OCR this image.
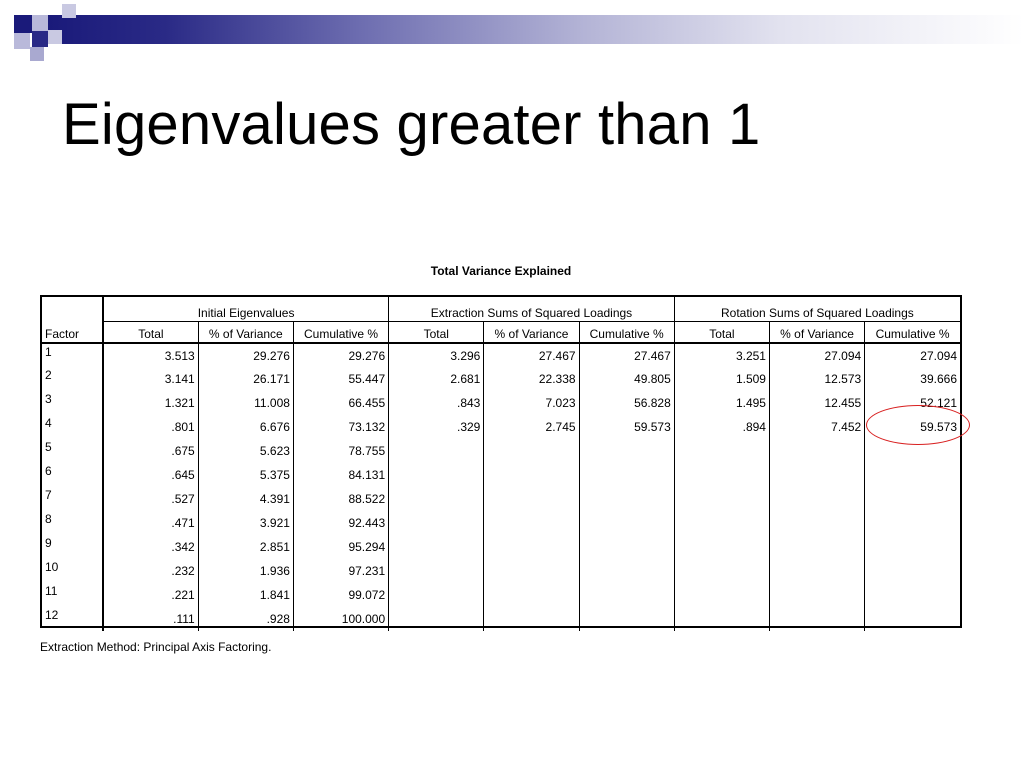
Eigenvalues greater than 1
Total Variance Explained
	Initial Eigenvalues			Extraction Sums of Squared Loadings			Rotation Sums of Squared Loadings		
Factor	Total	% of Variance	Cumulative %	Total	% of Variance	Cumulative %	Total	% of Variance	Cumulative %
1	3.513	29.276	29.276	3.296	27.467	27.467	3.251	27.094	27.094
2	3.141	26.171	55.447	2.681	22.338	49.805	1.509	12.573	39.666
3	1.321	11.008	66.455	.843	7.023	56.828	1.495	12.455	52.121
4	.801	6.676	73.132	.329	2.745	59.573	.894	7.452	59.573
5	.675	5.623	78.755						
6	.645	5.375	84.131						
7	.527	4.391	88.522						
8	.471	3.921	92.443						
9	.342	2.851	95.294						
10	.232	1.936	97.231						
11	.221	1.841	99.072						
12	.111	.928	100.000						
Extraction Method: Principal Axis Factoring.
